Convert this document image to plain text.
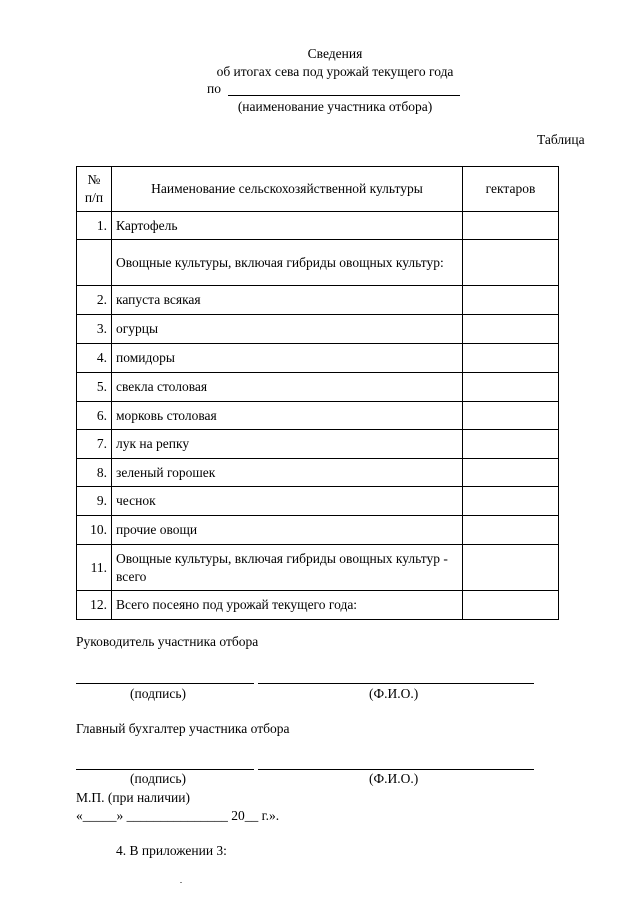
Сведения
об итогах сева под урожай текущего года
по
(наименование участника отбора)
Таблица
№ п/п	Наименование сельскохозяйственной культуры	гектаров
1.	Картофель	
	Овощные культуры, включая гибриды овощных культур:	
2.	капуста всякая	
3.	огурцы	
4.	помидоры	
5.	свекла столовая	
6.	морковь столовая	
7.	лук на репку	
8.	зеленый горошек	
9.	чеснок	
10.	прочие овощи	
11.	Овощные культуры, включая гибриды овощных культур - всего	
12.	Всего посеяно под урожай текущего года:	
Руководитель участника отбора
(подпись)	(Ф.И.О.)
Главный бухгалтер участника отбора
(подпись)	(Ф.И.О.)
М.П. (при наличии)
«_____» _______________ 20__ г.».
4. В приложении 3:
